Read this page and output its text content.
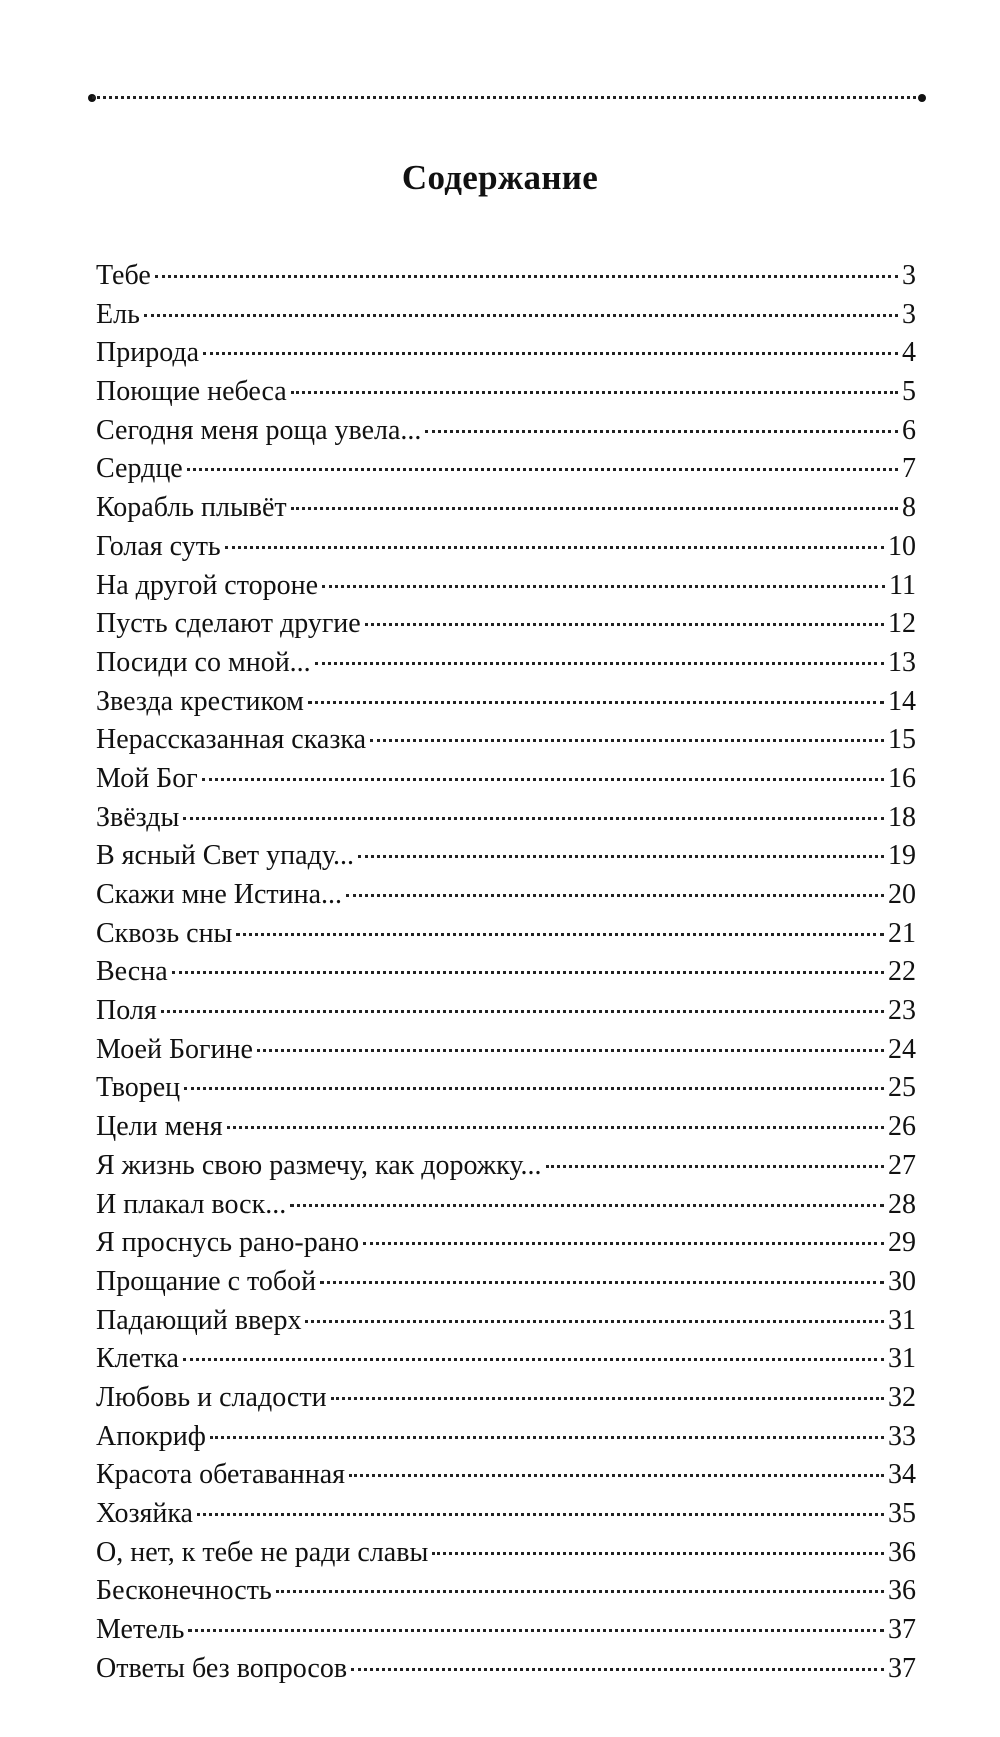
Содержание
Тебе	3
Ель	3
Природа	4
Поющие небеса	5
Сегодня меня роща увела...	6
Сердце	7
Корабль плывёт	8
Голая суть	10
На другой стороне	11
Пусть сделают другие	12
Посиди со мной...	13
Звезда крестиком	14
Нерассказанная сказка	15
Мой Бог	16
Звёзды	18
В ясный Свет упаду...	19
Скажи мне Истина...	20
Сквозь сны	21
Весна	22
Поля	23
Моей Богине	24
Творец	25
Цели меня	26
Я жизнь свою размечу, как дорожку...	27
И плакал воск...	28
Я проснусь рано-рано	29
Прощание с тобой	30
Падающий вверх	31
Клетка	31
Любовь и сладости	32
Апокриф	33
Красота обетаванная	34
Хозяйка	35
О, нет, к тебе не ради славы	36
Бесконечность	36
Метель	37
Ответы без вопросов	37
